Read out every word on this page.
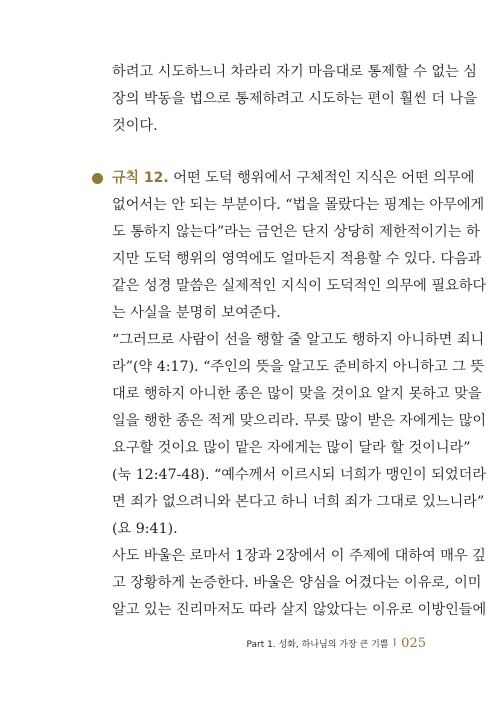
하려고 시도하느니 차라리 자기 마음대로 통제할 수 없는 심
장의 박동을 법으로 통제하려고 시도하는 편이 훨씬 더 나을
것이다.
규칙 12. 어떤 도덕 행위에서 구체적인 지식은 어떤 의무에
없어서는 안 되는 부분이다. “법을 몰랐다는 핑계는 아무에게
도 통하지 않는다”라는 금언은 단지 상당히 제한적이기는 하
지만 도덕 행위의 영역에도 얼마든지 적용할 수 있다. 다음과
같은 성경 말씀은 실제적인 지식이 도덕적인 의무에 필요하다
는 사실을 분명히 보여준다.
“그러므로 사람이 선을 행할 줄 알고도 행하지 아니하면 죄니
라”(약 4:17). “주인의 뜻을 알고도 준비하지 아니하고 그 뜻
대로 행하지 아니한 종은 많이 맞을 것이요 알지 못하고 맞을
일을 행한 종은 적게 맞으리라. 무릇 많이 받은 자에게는 많이
요구할 것이요 많이 맡은 자에게는 많이 달라 할 것이니라”
(눅 12:47-48). “예수께서 이르시되 너희가 맹인이 되었더라
면 죄가 없으려니와 본다고 하니 너희 죄가 그대로 있느니라”
(요 9:41).
사도 바울은 로마서 1장과 2장에서 이 주제에 대하여 매우 깊
고 장황하게 논증한다. 바울은 양심을 어겼다는 이유로, 이미
알고 있는 진리마저도 따라 살지 않았다는 이유로 이방인들에
Part 1. 성화, 하나님의 가장 큰 기쁨 | 025
